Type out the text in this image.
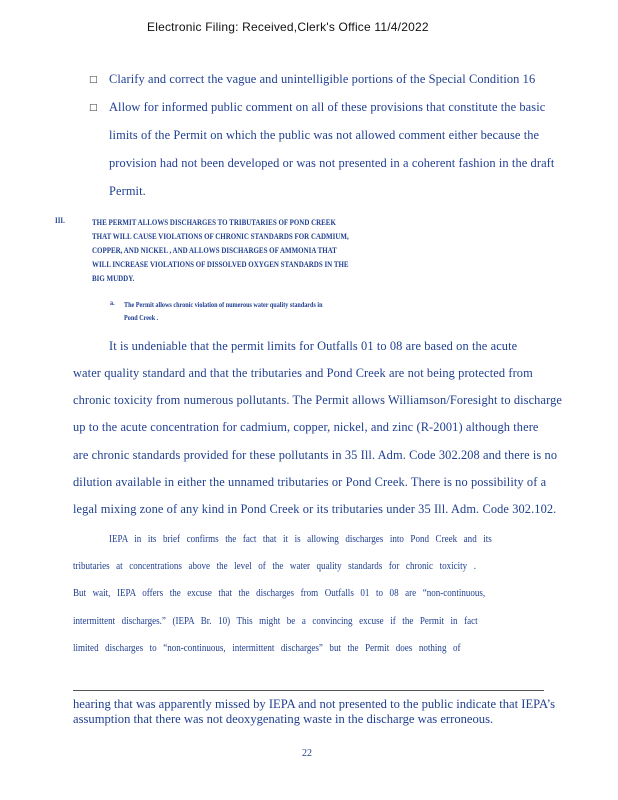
Electronic Filing: Received,Clerk's Office 11/4/2022
□ Clarify and correct the vague and unintelligible portions of the Special Condition 16
□ Allow for informed public comment on all of these provisions that constitute the basic
limits of the Permit on which the public was not allowed comment either because the
provision had not been developed or was not presented in a coherent fashion in the draft
Permit.
III.	THE PERMIT ALLOWS DISCHARGES TO TRIBUTARIES OF POND CREEK
THAT WILL CAUSE VIOLATIONS OF CHRONIC STANDARDS FOR CADMIUM,
COPPER, AND NICKEL , AND ALLOWS DISCHARGES OF AMMONIA THAT
WILL INCREASE VIOLATIONS OF DISSOLVED OXYGEN STANDARDS IN THE
BIG MUDDY.
a. The Permit allows chronic violation of numerous water quality standards in
Pond Creek .
It is undeniable that the permit limits for Outfalls 01 to 08 are based on the acute
water quality standard and that the tributaries and Pond Creek are not being protected from
chronic toxicity from numerous pollutants. The Permit allows Williamson/Foresight to discharge
up to the acute concentration for cadmium, copper, nickel, and zinc (R-2001) although there
are chronic standards provided for these pollutants in 35 Ill. Adm. Code 302.208 and there is no
dilution available in either the unnamed tributaries or Pond Creek. There is no possibility of a
legal mixing zone of any kind in Pond Creek or its tributaries under 35 Ill. Adm. Code 302.102.
IEPA in its brief confirms the fact that it is allowing discharges into Pond Creek and its
tributaries at concentrations above the level of the water quality standards for chronic toxicity .
But wait, IEPA offers the excuse that the discharges from Outfalls 01 to 08 are “non-continuous,
intermittent discharges.” (IEPA Br. 10) This might be a convincing excuse if the Permit in fact
limited discharges to “non-continuous, intermittent discharges” but the Permit does nothing of
hearing that was apparently missed by IEPA and not presented to the public indicate that IEPA’s
assumption that there was not deoxygenating waste in the discharge was erroneous.
22
